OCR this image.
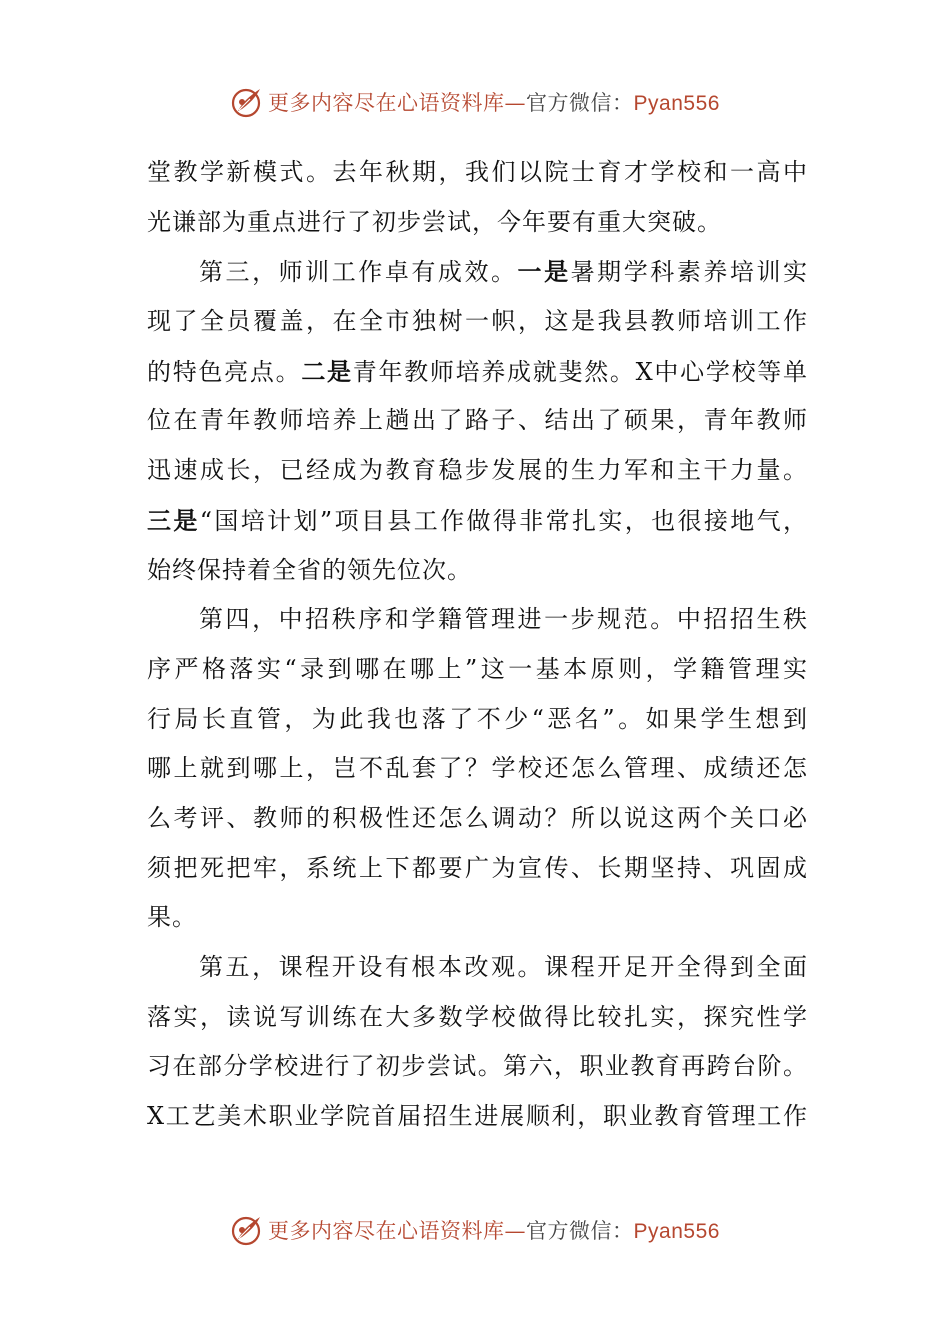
更多内容尽在心语资料库—官方微信：Pyan556
堂教学新模式。去年秋期，我们以院士育才学校和一高中
光谦部为重点进行了初步尝试，今年要有重大突破。
第三，师训工作卓有成效。一是暑期学科素养培训实
现了全员覆盖，在全市独树一帜，这是我县教师培训工作
的特色亮点。二是青年教师培养成就斐然。X中心学校等单
位在青年教师培养上趟出了路子、结出了硕果，青年教师
迅速成长，已经成为教育稳步发展的生力军和主干力量。
三是“国培计划”项目县工作做得非常扎实，也很接地气，
始终保持着全省的领先位次。
第四，中招秩序和学籍管理进一步规范。中招招生秩
序严格落实“录到哪在哪上”这一基本原则，学籍管理实
行局长直管，为此我也落了不少“恶名”。如果学生想到
哪上就到哪上，岂不乱套了？学校还怎么管理、成绩还怎
么考评、教师的积极性还怎么调动？所以说这两个关口必
须把死把牢，系统上下都要广为宣传、长期坚持、巩固成
果。
第五，课程开设有根本改观。课程开足开全得到全面
落实，读说写训练在大多数学校做得比较扎实，探究性学
习在部分学校进行了初步尝试。第六，职业教育再跨台阶。
X工艺美术职业学院首届招生进展顺利，职业教育管理工作
更多内容尽在心语资料库—官方微信：Pyan556
